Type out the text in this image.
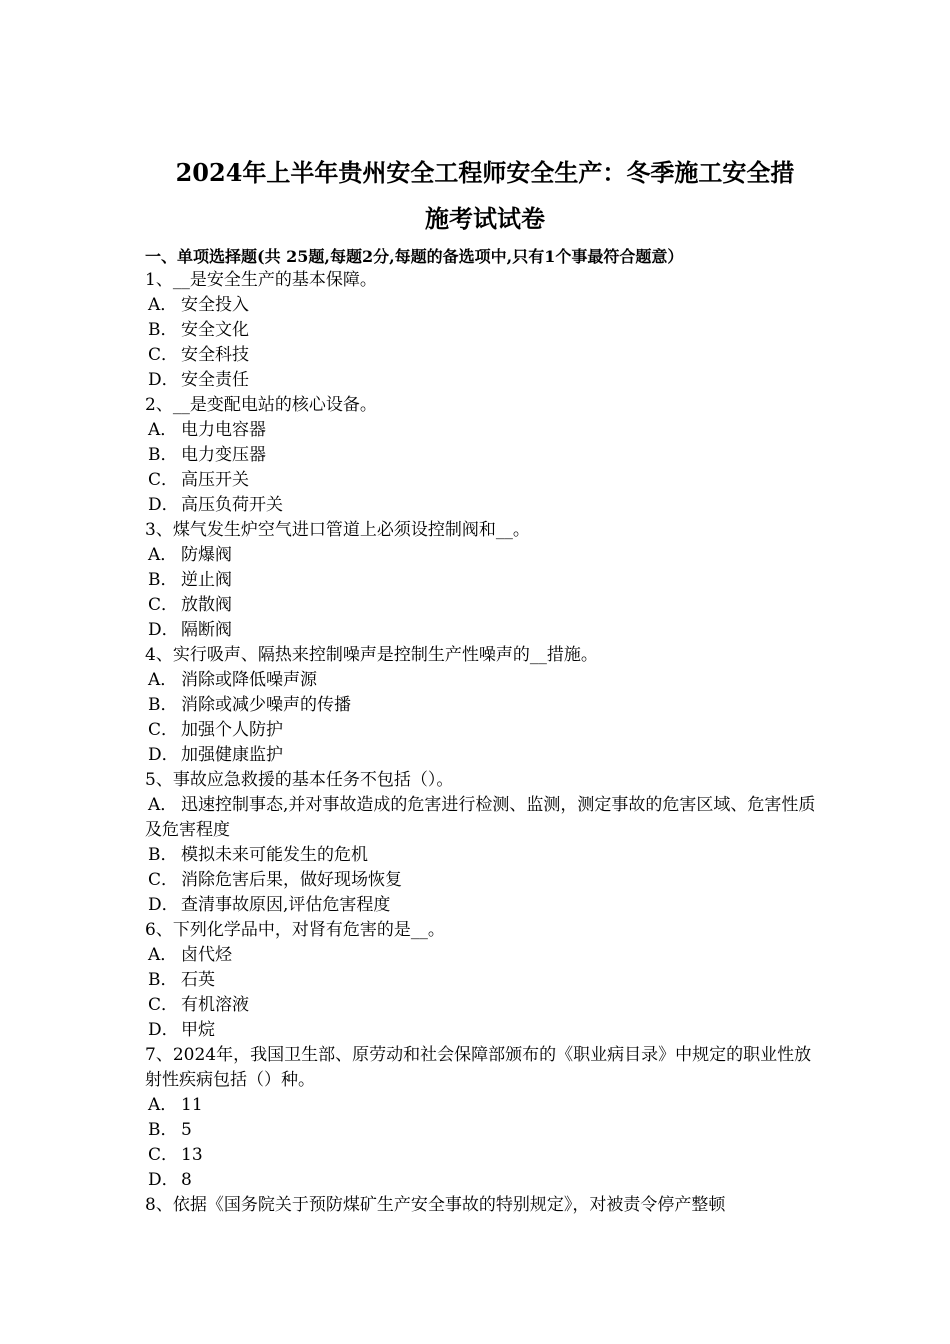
2024年上半年贵州安全工程师安全生产：冬季施工安全措
施考试试卷
一、单项选择题(共 25题,每题2分,每题的备选项中,只有1个事最符合题意）
1、__是安全生产的基本保障。
A． 安全投入
B． 安全文化
C． 安全科技
D． 安全责任
2、__是变配电站的核心设备。
A． 电力电容器
B． 电力变压器
C． 高压开关
D． 高压负荷开关
3、煤气发生炉空气进口管道上必须设控制阀和__。
A． 防爆阀
B． 逆止阀
C． 放散阀
D． 隔断阀
4、实行吸声、隔热来控制噪声是控制生产性噪声的__措施。
A． 消除或降低噪声源
B． 消除或减少噪声的传播
C． 加强个人防护
D． 加强健康监护
5、事故应急救援的基本任务不包括（）。
A． 迅速控制事态,并对事故造成的危害进行检测、监测，测定事故的危害区域、危害性质及危害程度
B． 模拟未来可能发生的危机
C． 消除危害后果，做好现场恢复
D． 查清事故原因,评估危害程度
6、下列化学品中，对肾有危害的是__。
A． 卤代烃
B． 石英
C． 有机溶液
D． 甲烷
7、2024年，我国卫生部、原劳动和社会保障部颁布的《职业病目录》中规定的职业性放射性疾病包括（）种。
A． 11
B． 5
C． 13
D． 8
8、依据《国务院关于预防煤矿生产安全事故的特别规定》，对被责令停产整顿
